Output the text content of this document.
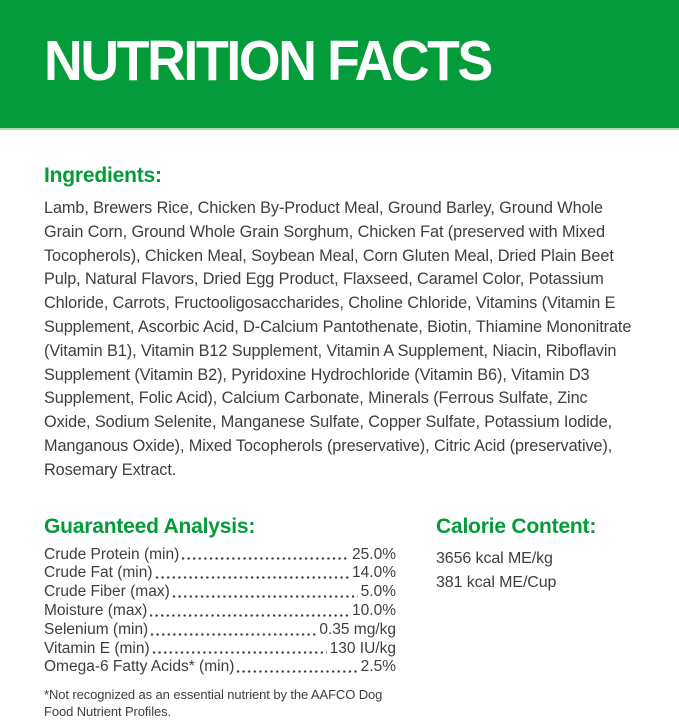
NUTRITION FACTS
Ingredients:
Lamb, Brewers Rice, Chicken By-Product Meal, Ground Barley, Ground Whole Grain Corn, Ground Whole Grain Sorghum, Chicken Fat (preserved with Mixed Tocopherols), Chicken Meal, Soybean Meal, Corn Gluten Meal, Dried Plain Beet Pulp, Natural Flavors, Dried Egg Product, Flaxseed, Caramel Color, Potassium Chloride, Carrots, Fructooligosaccharides, Choline Chloride, Vitamins (Vitamin E Supplement, Ascorbic Acid, D-Calcium Pantothenate, Biotin, Thiamine Mononitrate (Vitamin B1), Vitamin B12 Supplement, Vitamin A Supplement, Niacin, Riboflavin Supplement (Vitamin B2), Pyridoxine Hydrochloride (Vitamin B6), Vitamin D3 Supplement, Folic Acid), Calcium Carbonate, Minerals (Ferrous Sulfate, Zinc Oxide, Sodium Selenite, Manganese Sulfate, Copper Sulfate, Potassium Iodide, Manganous Oxide), Mixed Tocopherols (preservative), Citric Acid (preservative), Rosemary Extract.
Guaranteed Analysis:
Crude Protein (min)	25.0%
Crude Fat (min)	14.0%
Crude Fiber (max)	5.0%
Moisture (max)	10.0%
Selenium (min)	0.35 mg/kg
Vitamin E (min)	130 IU/kg
Omega-6 Fatty Acids* (min)	2.5%
*Not recognized as an essential nutrient by the AAFCO Dog Food Nutrient Profiles.
Calorie Content:
3656 kcal ME/kg
381 kcal ME/Cup
